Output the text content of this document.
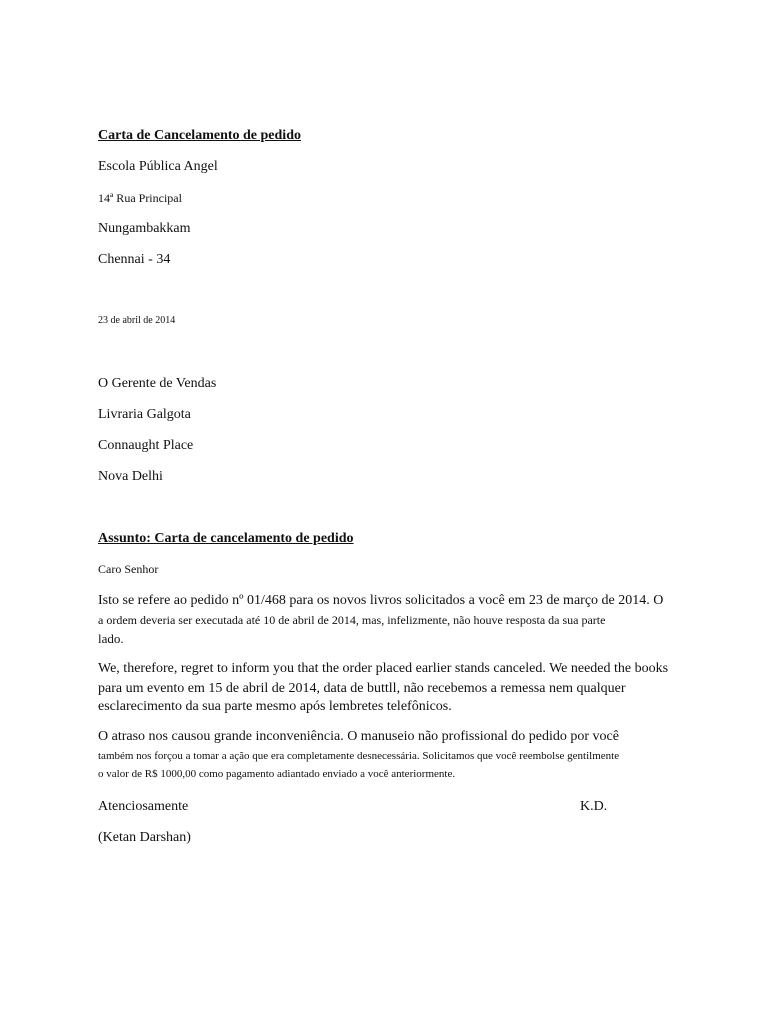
Carta de Cancelamento de pedido
Escola Pública Angel
14ª Rua Principal
Nungambakkam
Chennai - 34
23 de abril de 2014
O Gerente de Vendas
Livraria Galgota
Connaught Place
Nova Delhi
Assunto: Carta de cancelamento de pedido
Caro Senhor
Isto se refere ao pedido nº 01/468 para os novos livros solicitados a você em 23 de março de 2014. O
a ordem deveria ser executada até 10 de abril de 2014, mas, infelizmente, não houve resposta da sua parte
lado.
We, therefore, regret to inform you that the order placed earlier stands canceled. We needed the books
para um evento em 15 de abril de 2014, data de buttll, não recebemos a remessa nem qualquer
esclarecimento da sua parte mesmo após lembretes telefônicos.
O atraso nos causou grande inconveniência. O manuseio não profissional do pedido por você
também nos forçou a tomar a ação que era completamente desnecessária. Solicitamos que você reembolse gentilmente
o valor de R$ 1000,00 como pagamento adiantado enviado a você anteriormente.
Atenciosamente	K.D.
(Ketan Darshan)
